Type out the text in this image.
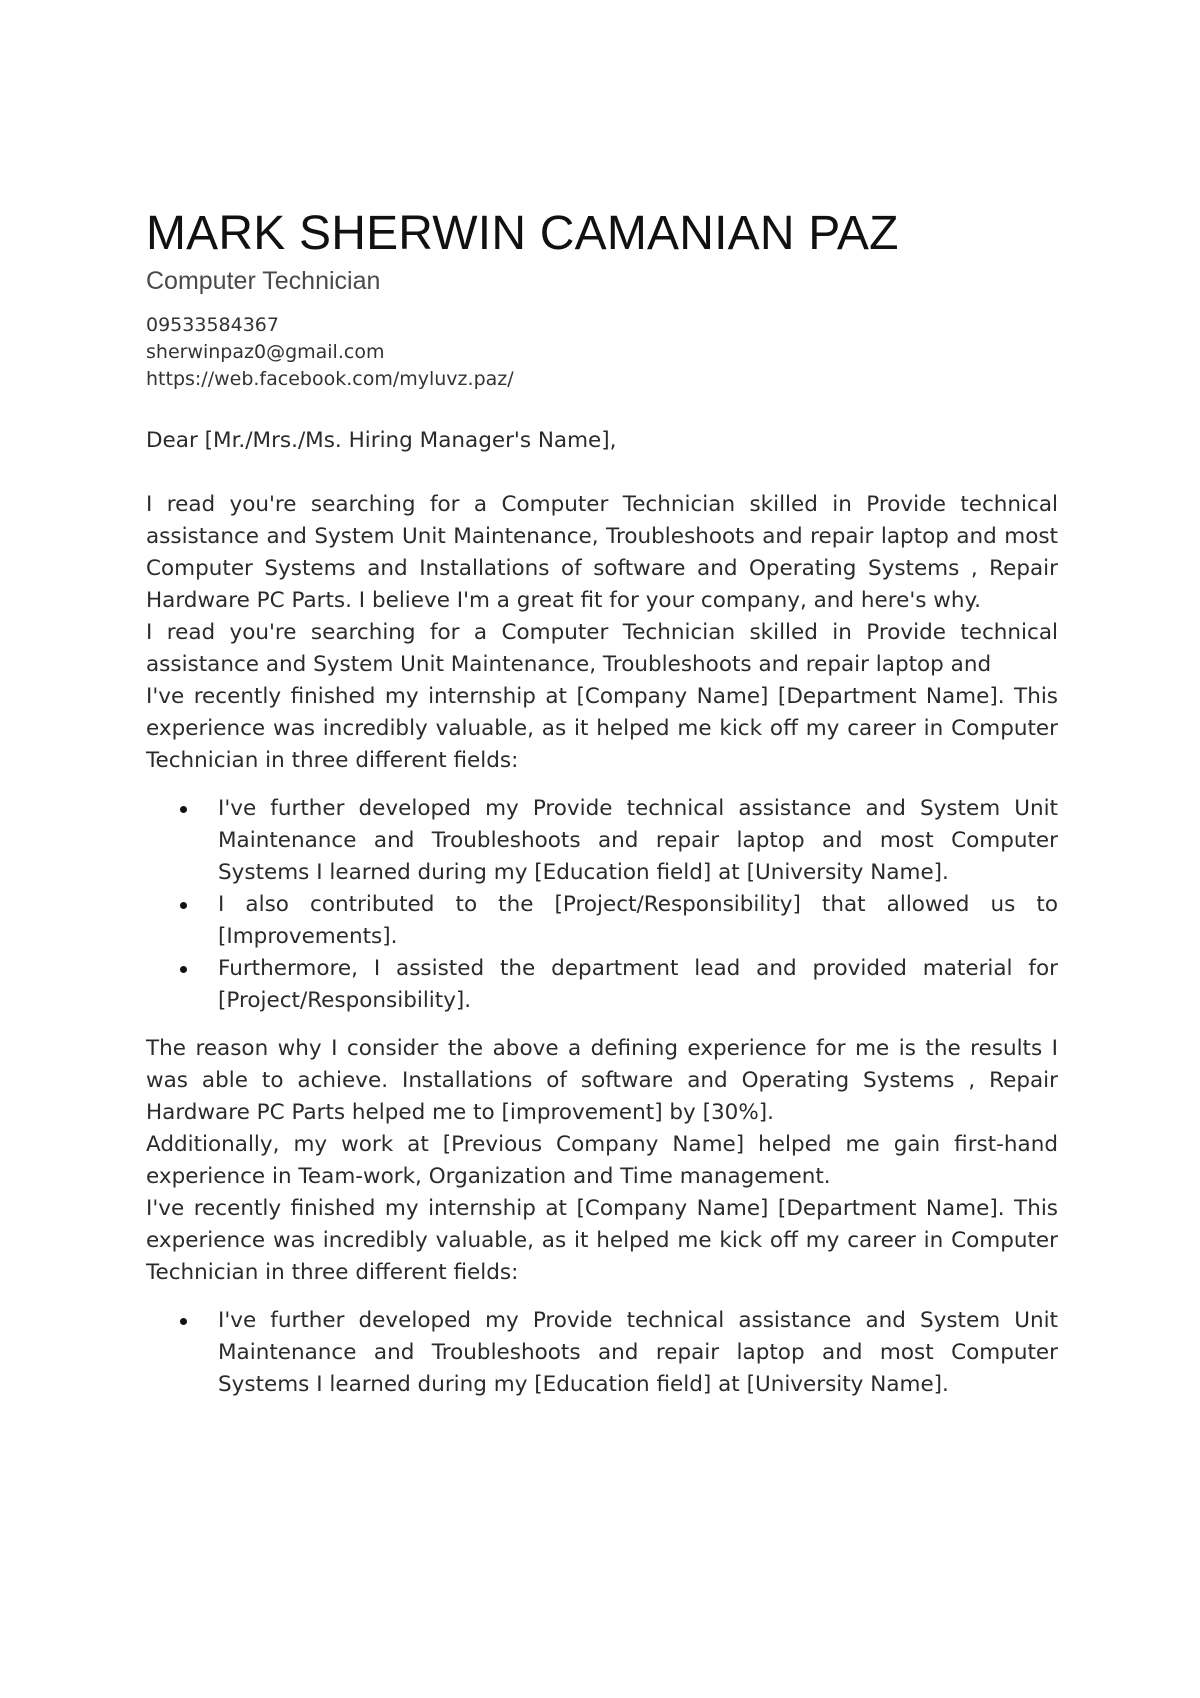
MARK SHERWIN CAMANIAN PAZ
Computer Technician
09533584367
sherwinpaz0@gmail.com
https://web.facebook.com/myluvz.paz/

Dear [Mr./Mrs./Ms. Hiring Manager's Name],

I read you're searching for a Computer Technician skilled in Provide technical assistance and System Unit Maintenance, Troubleshoots and repair laptop and most Computer Systems and Installations of software and Operating Systems , Repair Hardware PC Parts. I believe I'm a great fit for your company, and here's why.

I read you're searching for a Computer Technician skilled in Provide technical assistance and System Unit Maintenance, Troubleshoots and repair laptop and

I've recently finished my internship at [Company Name] [Department Name]. This experience was incredibly valuable, as it helped me kick off my career in Computer Technician in three different fields:

I've further developed my Provide technical assistance and System Unit Maintenance and Troubleshoots and repair laptop and most Computer Systems I learned during my [Education field] at [University Name].
I also contributed to the [Project/Responsibility] that allowed us to [Improvements].
Furthermore, I assisted the department lead and provided material for [Project/Responsibility].

The reason why I consider the above a defining experience for me is the results I was able to achieve. Installations of software and Operating Systems , Repair Hardware PC Parts helped me to [improvement] by [30%].

Additionally, my work at [Previous Company Name] helped me gain first-hand experience in Team-work, Organization and Time management.

I've recently finished my internship at [Company Name] [Department Name]. This experience was incredibly valuable, as it helped me kick off my career in Computer Technician in three different fields:

I've further developed my Provide technical assistance and System Unit Maintenance and Troubleshoots and repair laptop and most Computer Systems I learned during my [Education field] at [University Name].
